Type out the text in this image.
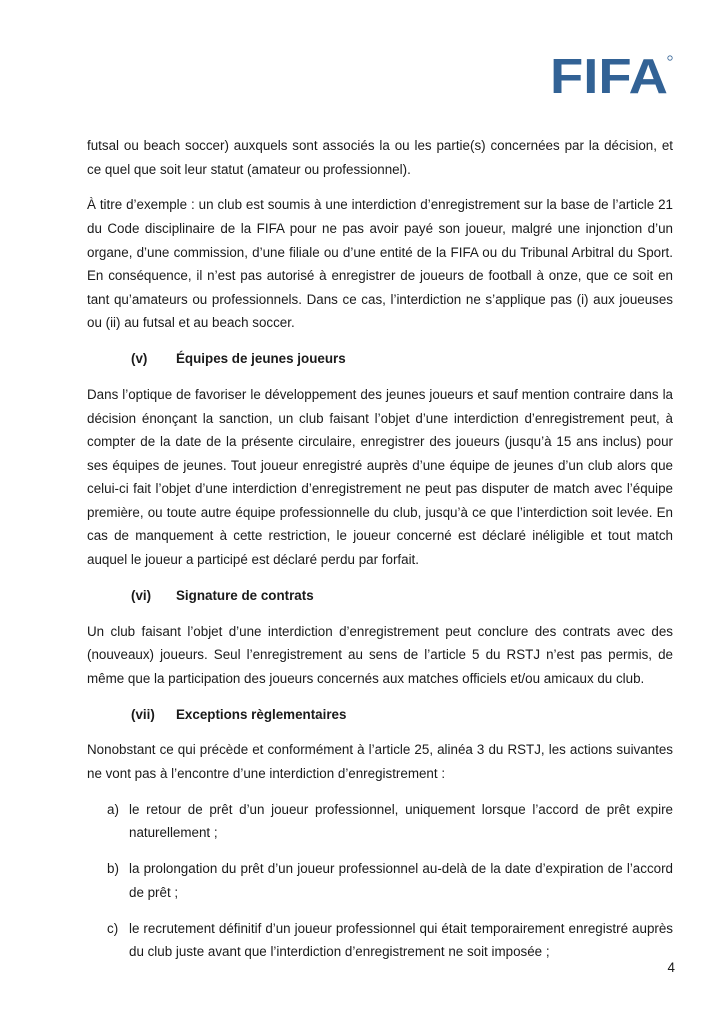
FIFA

futsal ou beach soccer) auxquels sont associés la ou les partie(s) concernées par la décision, et ce quel que soit leur statut (amateur ou professionnel).

À titre d’exemple : un club est soumis à une interdiction d’enregistrement sur la base de l’article 21 du Code disciplinaire de la FIFA pour ne pas avoir payé son joueur, malgré une injonction d’un organe, d’une commission, d’une filiale ou d’une entité de la FIFA ou du Tribunal Arbitral du Sport. En conséquence, il n’est pas autorisé à enregistrer de joueurs de football à onze, que ce soit en tant qu’amateurs ou professionnels. Dans ce cas, l’interdiction ne s’applique pas (i) aux joueuses ou (ii) au futsal et au beach soccer.

(v)	Équipes de jeunes joueurs

Dans l’optique de favoriser le développement des jeunes joueurs et sauf mention contraire dans la décision énonçant la sanction, un club faisant l’objet d’une interdiction d’enregistrement peut, à compter de la date de la présente circulaire, enregistrer des joueurs (jusqu’à 15 ans inclus) pour ses équipes de jeunes. Tout joueur enregistré auprès d’une équipe de jeunes d’un club alors que celui-ci fait l’objet d’une interdiction d’enregistrement ne peut pas disputer de match avec l’équipe première, ou toute autre équipe professionnelle du club, jusqu’à ce que l’interdiction soit levée. En cas de manquement à cette restriction, le joueur concerné est déclaré inéligible et tout match auquel le joueur a participé est déclaré perdu par forfait.

(vi)	Signature de contrats

Un club faisant l’objet d’une interdiction d’enregistrement peut conclure des contrats avec des (nouveaux) joueurs. Seul l’enregistrement au sens de l’article 5 du RSTJ n’est pas permis, de même que la participation des joueurs concernés aux matches officiels et/ou amicaux du club.

(vii)	Exceptions règlementaires

Nonobstant ce qui précède et conformément à l’article 25, alinéa 3 du RSTJ, les actions suivantes ne vont pas à l’encontre d’une interdiction d’enregistrement :

a) le retour de prêt d’un joueur professionnel, uniquement lorsque l’accord de prêt expire naturellement ;
b) la prolongation du prêt d’un joueur professionnel au-delà de la date d’expiration de l’accord de prêt ;
c) le recrutement définitif d’un joueur professionnel qui était temporairement enregistré auprès du club juste avant que l’interdiction d’enregistrement ne soit imposée ;
4
